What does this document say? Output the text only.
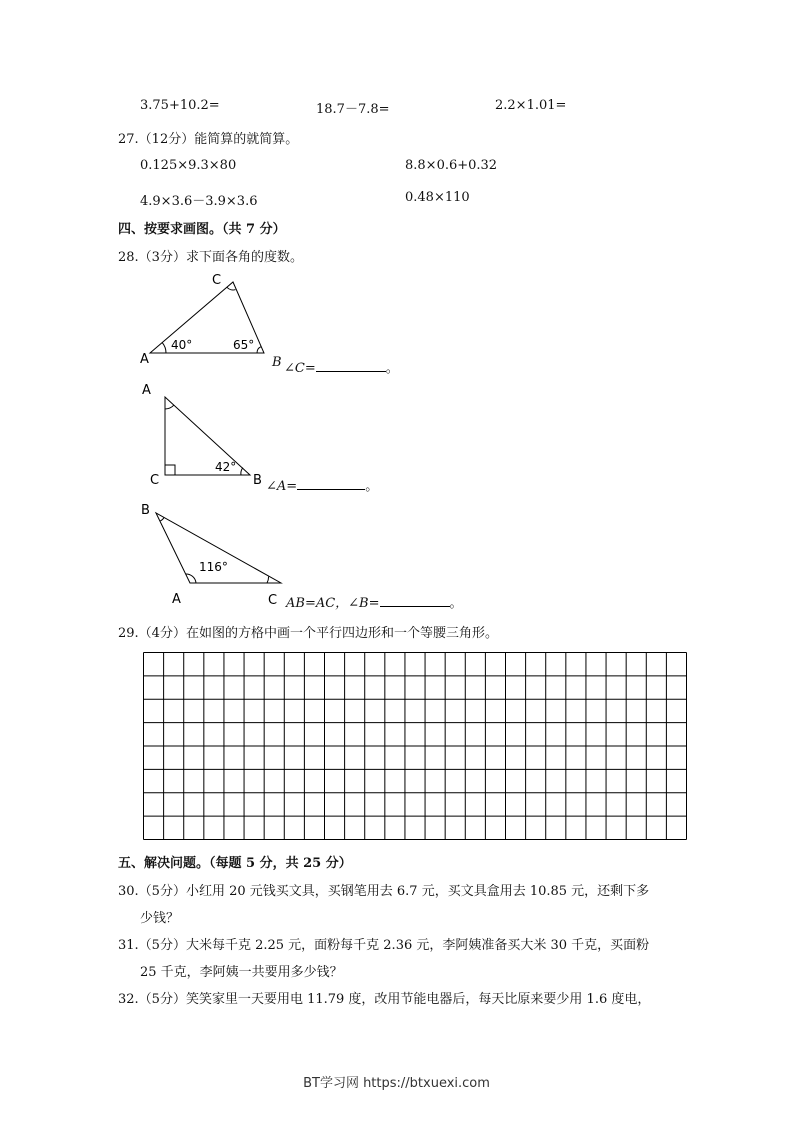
3.75+10.2=	18.7－7.8=	2.2×1.01=
27.（12分）能简算的就简算。
0.125×9.3×80	8.8×0.6+0.32
4.9×3.6－3.9×3.6	0.48×110
四、按要求画图。（共 7 分）
28.（3分）求下面各角的度数。
C
A
40°	65°
B ∠C=	。
A
C	B
42°
∠A=	。
B
A	C
116°
AB=AC，∠B=	。
29.（4分）在如图的方格中画一个平行四边形和一个等腰三角形。
五、解决问题。（每题 5 分，共 25 分）
30.（5分）小红用 20 元钱买文具，买钢笔用去 6.7 元，买文具盒用去 10.85 元，还剩下多
少钱？
31.（5分）大米每千克 2.25 元，面粉每千克 2.36 元，李阿姨准备买大米 30 千克，买面粉
25 千克，李阿姨一共要用多少钱？
32.（5分）笑笑家里一天要用电 11.79 度，改用节能电器后，每天比原来要少用 1.6 度电，
BT学习网 https://btxuexi.com
